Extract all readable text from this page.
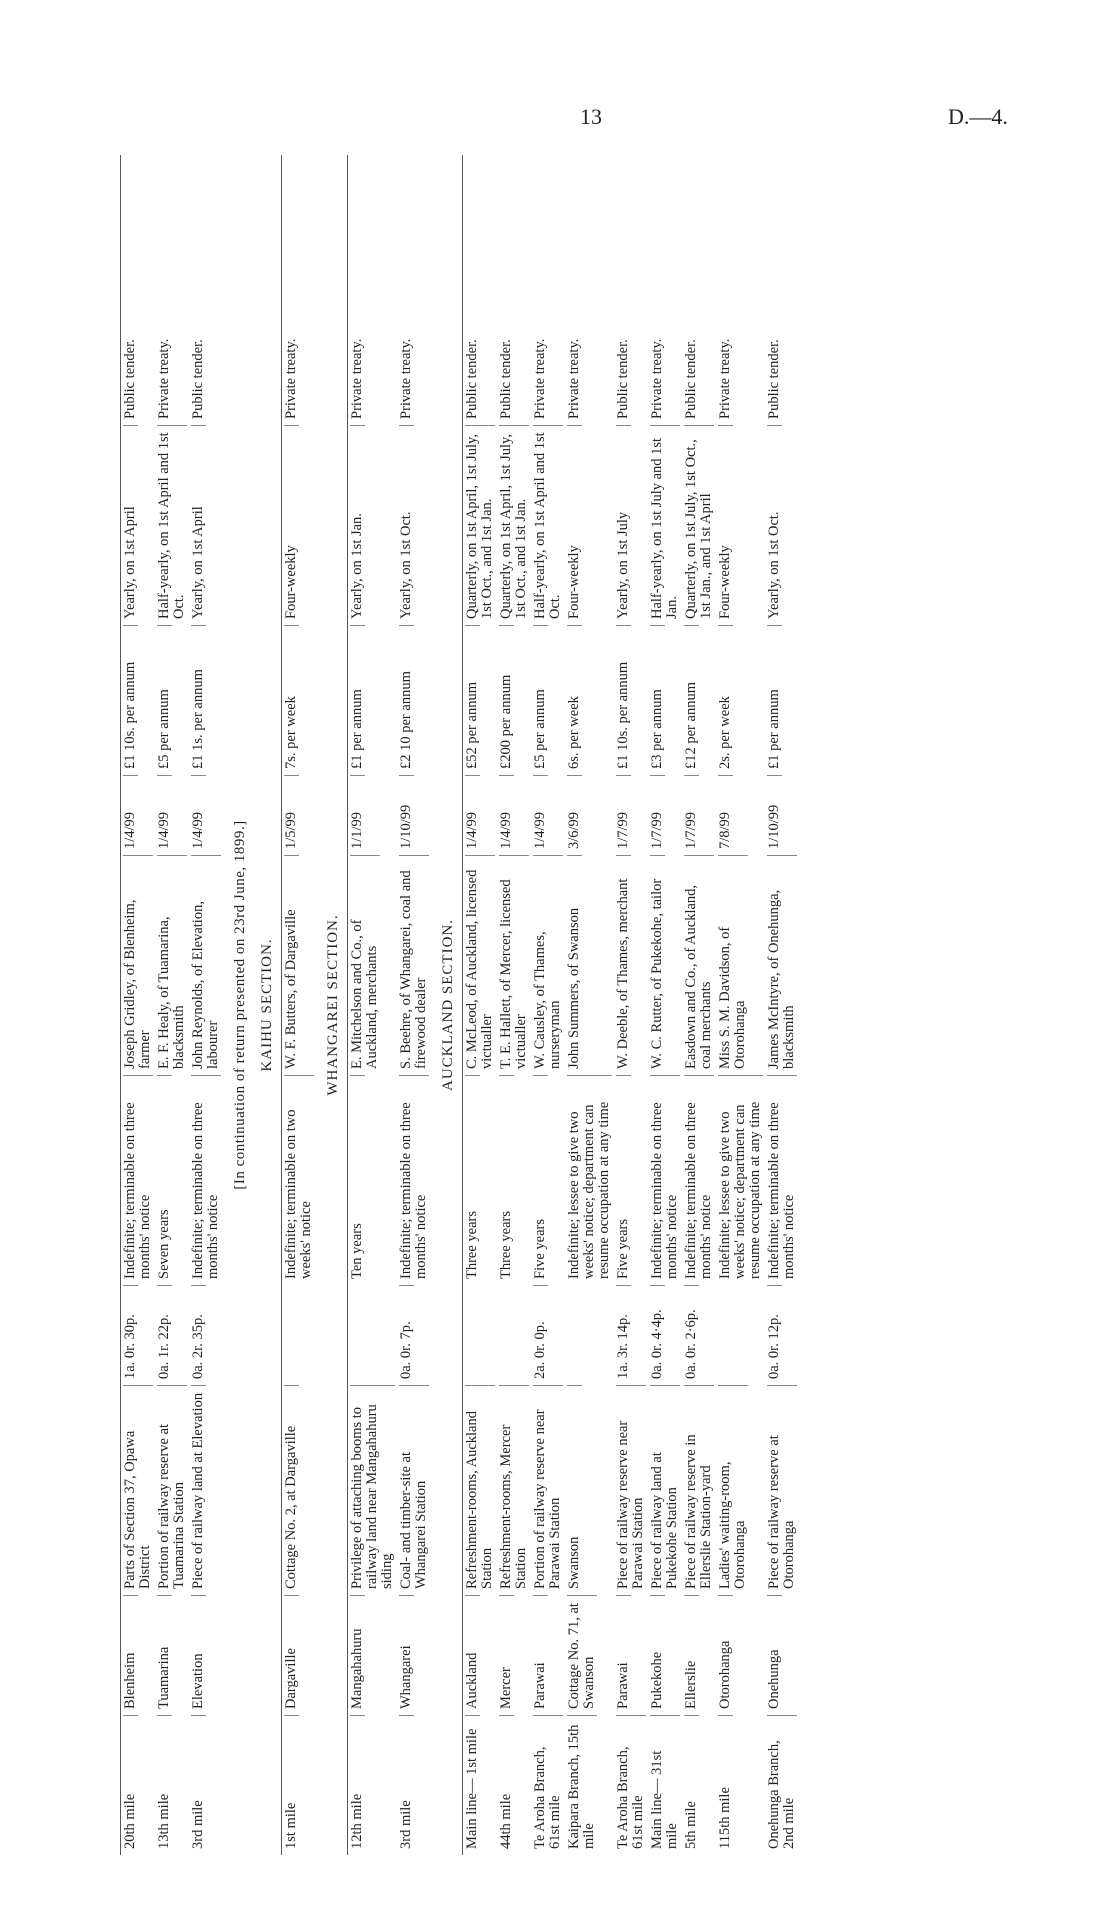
13	D.—4.
20th mile
Blenheim
Parts of Section 37, Opawa District
1a. 0r. 30p.
Indefinite; terminable on three months' notice
Joseph Gridley, of Blenheim, farmer
1/4/99
£1 10s. per annum
Yearly, on 1st April
Public tender.
13th mile
Tuamarina
Portion of railway reserve at Tuamarina Station
0a. 1r. 22p.
Seven years
E. F. Healy, of Tuamarina, blacksmith
1/4/99
£5 per annum
Half-yearly, on 1st April and 1st Oct.
Private treaty.
3rd mile
Elevation
Piece of railway land at Elevation
0a. 2r. 35p.
Indefinite; terminable on three months' notice
John Reynolds, of Elevation, labourer
1/4/99
£1 1s. per annum
Yearly, on 1st April
Public tender.
[In continuation of return presented on 23rd June, 1899.] KAIHU SECTION.
1st mile
Dargaville
Cottage No. 2, at Dargaville
Indefinite; terminable on two weeks' notice
W. F. Butters, of Dargaville
1/5/99
7s. per week
Four-weekly
Private treaty.
WHANGAREI SECTION.
12th mile
Mangahahuru
Privilege of attaching booms to railway land near Mangahahuru siding
Ten years
E. Mitchelson and Co., of Auckland, merchants
1/1/99
£1 per annum
Yearly, on 1st Jan.
Private treaty.
3rd mile
Whangarei
Coal- and timber-site at Whangarei Station
0a. 0r. 7p.
Indefinite; terminable on three months' notice
S. Beehre, of Whangarei, coal and firewood dealer
1/10/99
£2 10 per annum
Yearly, on 1st Oct.
Private treaty.
AUCKLAND SECTION.
Main line— 1st mile
Auckland
Refreshment-rooms, Auckland Station
Three years
C. McLeod, of Auckland, licensed victualler
1/4/99
£52 per annum
Quarterly, on 1st April, 1st July, 1st Oct., and 1st Jan.
Public tender.
44th mile
Mercer
Refreshment-rooms, Mercer Station
Three years
T. E. Hallett, of Mercer, licensed victualler
1/4/99
£200 per annum
Quarterly, on 1st April, 1st July, 1st Oct., and 1st Jan.
Public tender.
Te Aroha Branch, 61st mile
Parawai
Portion of railway reserve near Parawai Station
2a. 0r. 0p.
Five years
W. Causley, of Thames, nurseryman
1/4/99
£5 per annum
Half-yearly, on 1st April and 1st Oct.
Private treaty.
Kaipara Branch, 15th mile
Cottage No. 71, at Swanson
Swanson
Indefinite; lessee to give two weeks' notice; department can resume occupation at any time
John Summers, of Swanson
3/6/99
6s. per week
Four-weekly
Private treaty.
Te Aroha Branch, 61st mile
Parawai
Piece of railway reserve near Parawai Station
1a. 3r. 14p.
Five years
W. Deeble, of Thames, merchant
1/7/99
£1 10s. per annum
Yearly, on 1st July
Public tender.
Main line— 31st mile
Pukekohe
Piece of railway land at Pukekohe Station
0a. 0r. 4·4p.
Indefinite; terminable on three months' notice
W. C. Rutter, of Pukekohe, tailor
1/7/99
£3 per annum
Half-yearly, on 1st July and 1st Jan.
Private treaty.
5th mile
Ellerslie
Piece of railway reserve in Ellerslie Station-yard
0a. 0r. 2·6p.
Indefinite; terminable on three months' notice
Easdown and Co., of Auckland, coal merchants
1/7/99
£12 per annum
Quarterly, on 1st July, 1st Oct., 1st Jan., and 1st April
Public tender.
115th mile
Otorohanga
Ladies' waiting-room, Otorohanga
Indefinite; lessee to give two weeks' notice; department can resume occupation at any time
Miss S. M. Davidson, of Otorohanga
7/8/99
2s. per week
Four-weekly
Private treaty.
Onehunga Branch, 2nd mile
Onehunga
Piece of railway reserve at Otorohanga
0a. 0r. 12p.
Indefinite; terminable on three months' notice
James McIntyre, of Onehunga, blacksmith
1/10/99
£1 per annum
Yearly, on 1st Oct.
Public tender.
